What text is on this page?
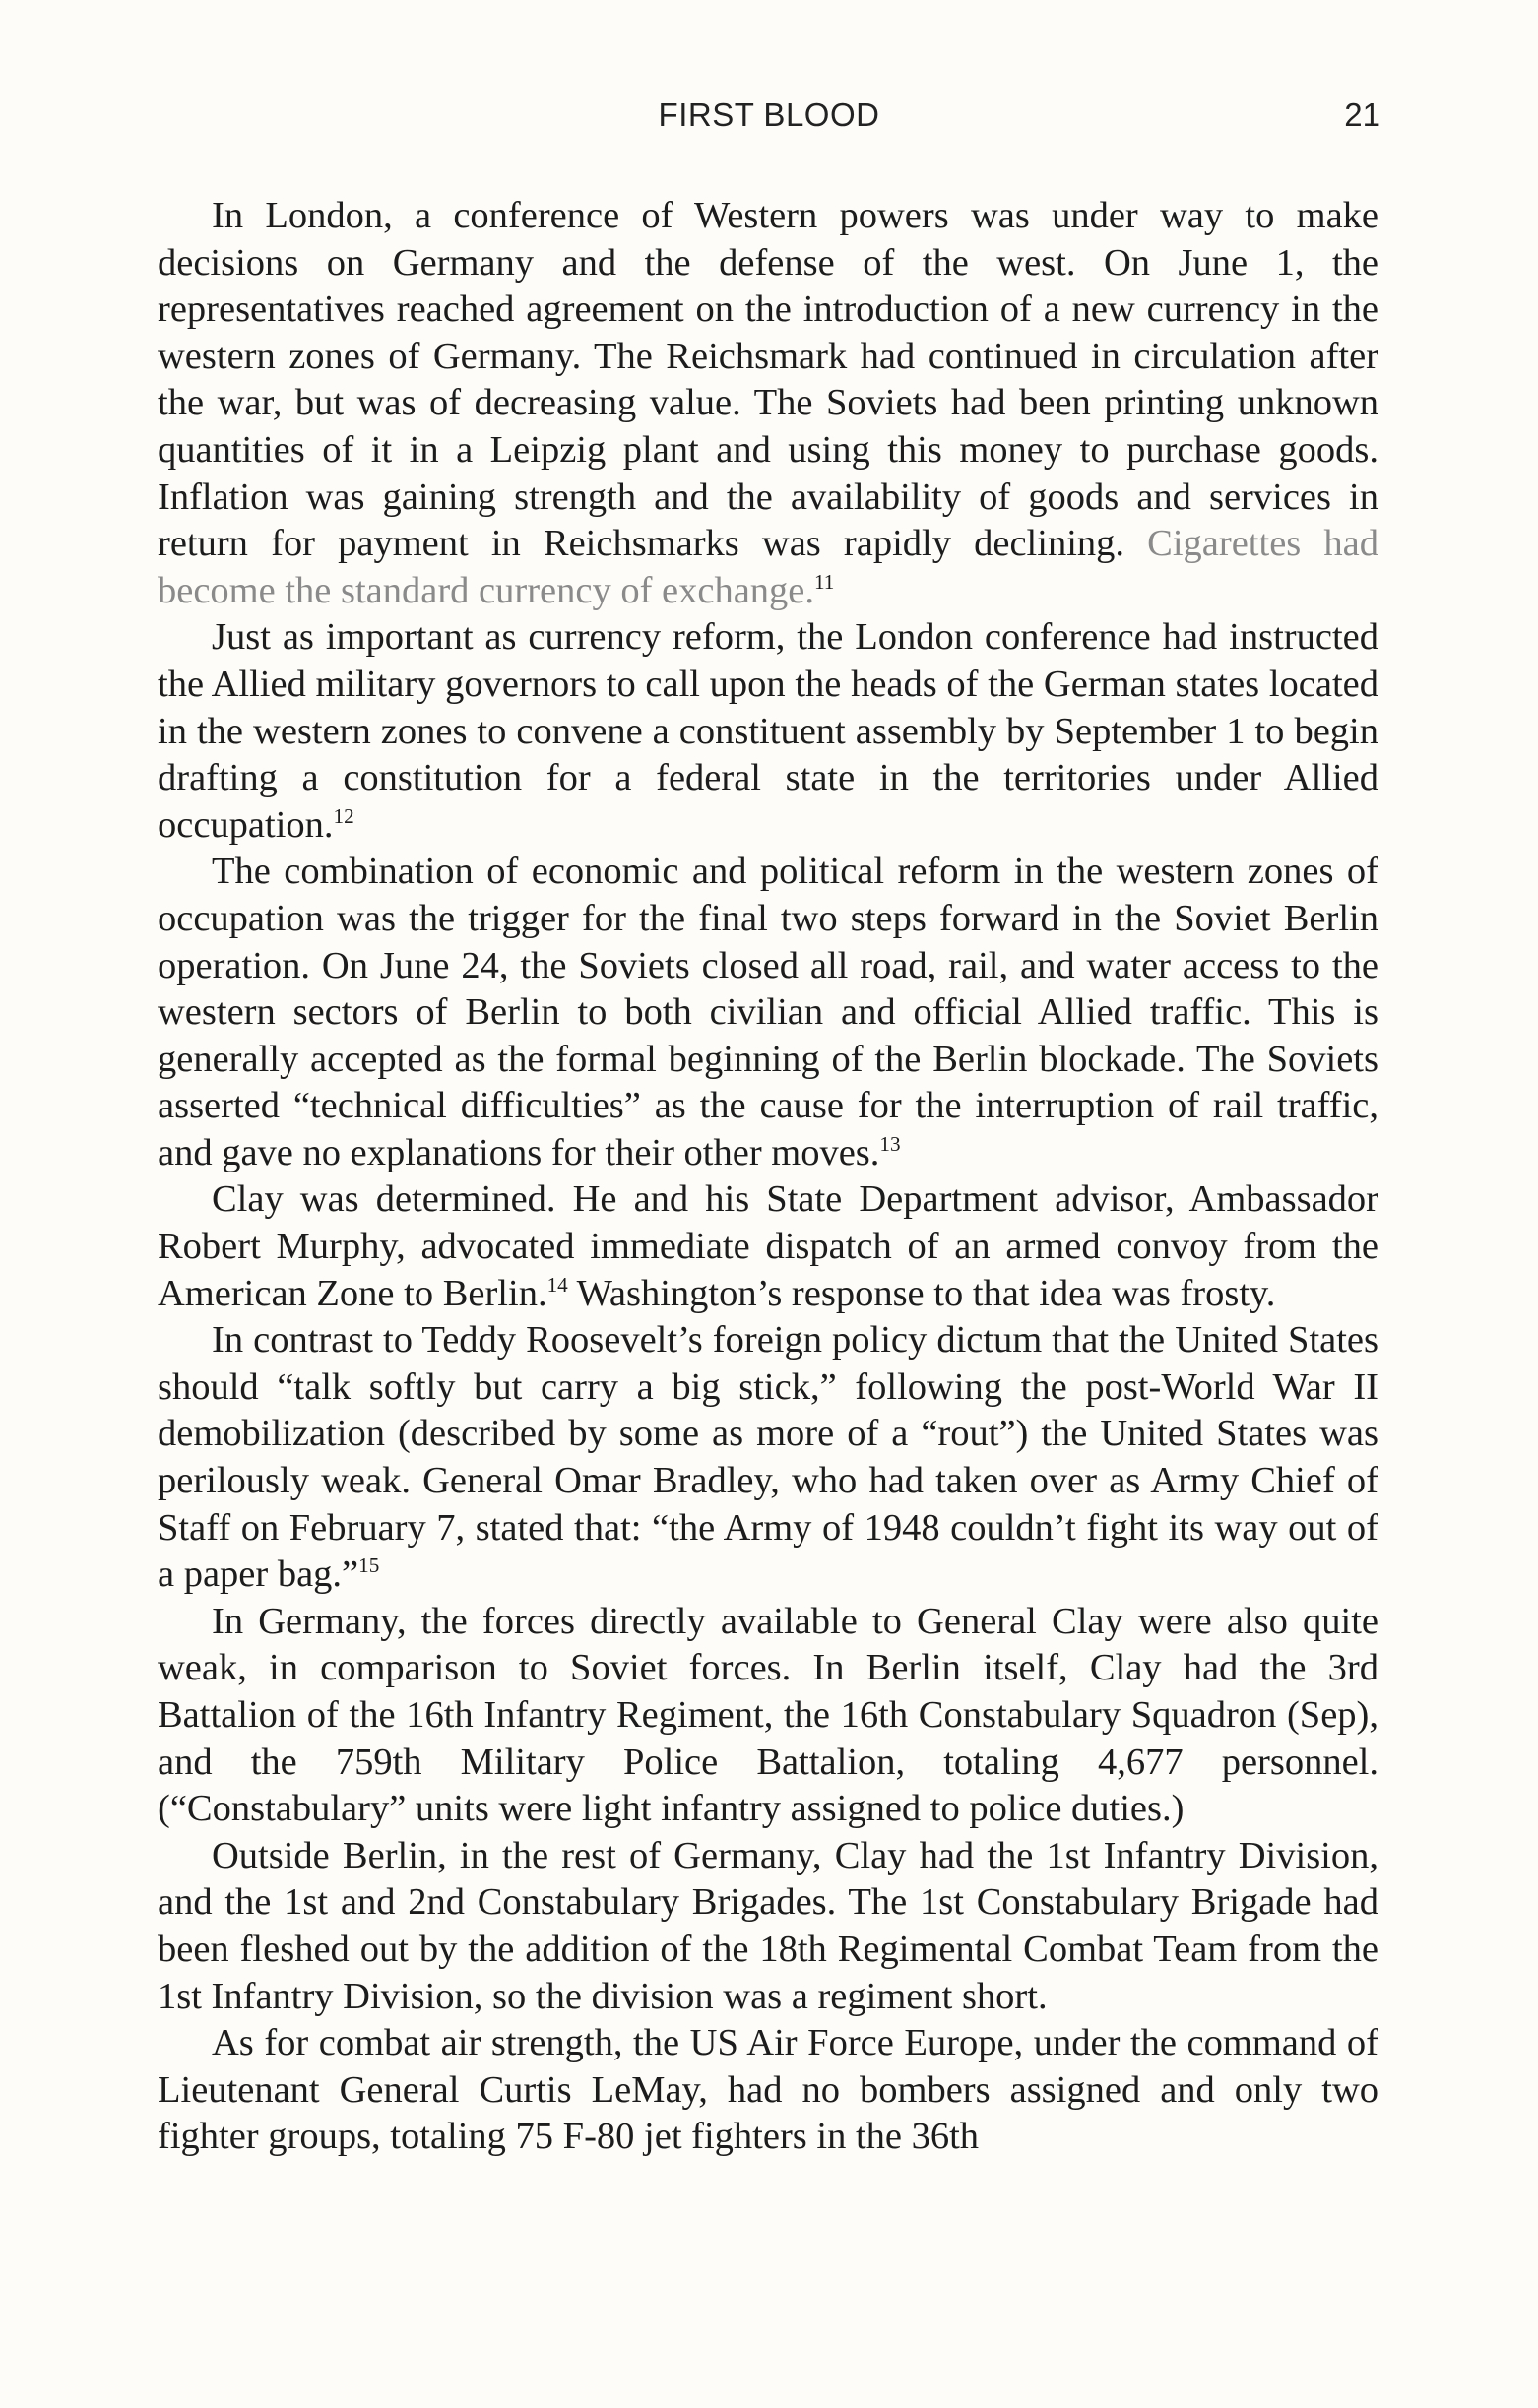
FIRST BLOOD	21

In London, a conference of Western powers was under way to make decisions on Germany and the defense of the west. On June 1, the representatives reached agreement on the introduction of a new currency in the western zones of Germany. The Reichsmark had continued in circulation after the war, but was of decreasing value. The Soviets had been printing unknown quantities of it in a Leipzig plant and using this money to purchase goods. Inflation was gaining strength and the availability of goods and services in return for payment in Reichsmarks was rapidly declining. Cigarettes had become the standard currency of exchange.$^{11}$

Just as important as currency reform, the London conference had instructed the Allied military governors to call upon the heads of the German states located in the western zones to convene a constituent assembly by September 1 to begin drafting a constitution for a federal state in the territories under Allied occupation.$^{12}$

The combination of economic and political reform in the western zones of occupation was the trigger for the final two steps forward in the Soviet Berlin operation. On June 24, the Soviets closed all road, rail, and water access to the western sectors of Berlin to both civilian and official Allied traffic. This is generally accepted as the formal beginning of the Berlin blockade. The Soviets asserted “technical difficulties” as the cause for the interruption of rail traffic, and gave no explanations for their other moves.$^{13}$

Clay was determined. He and his State Department advisor, Ambassador Robert Murphy, advocated immediate dispatch of an armed convoy from the American Zone to Berlin.$^{14}$ Washington’s response to that idea was frosty.

In contrast to Teddy Roosevelt’s foreign policy dictum that the United States should “talk softly but carry a big stick,” following the post-World War II demobilization (described by some as more of a “rout”) the United States was perilously weak. General Omar Bradley, who had taken over as Army Chief of Staff on February 7, stated that: “the Army of 1948 couldn’t fight its way out of a paper bag.”$^{15}$

In Germany, the forces directly available to General Clay were also quite weak, in comparison to Soviet forces. In Berlin itself, Clay had the 3rd Battalion of the 16th Infantry Regiment, the 16th Constabulary Squadron (Sep), and the 759th Military Police Battalion, totaling 4,677 personnel. (“Constabulary” units were light infantry assigned to police duties.)

Outside Berlin, in the rest of Germany, Clay had the 1st Infantry Division, and the 1st and 2nd Constabulary Brigades. The 1st Constabulary Brigade had been fleshed out by the addition of the 18th Regimental Combat Team from the 1st Infantry Division, so the division was a regiment short.

As for combat air strength, the US Air Force Europe, under the command of Lieutenant General Curtis LeMay, had no bombers assigned and only two fighter groups, totaling 75 F-80 jet fighters in the 36th
